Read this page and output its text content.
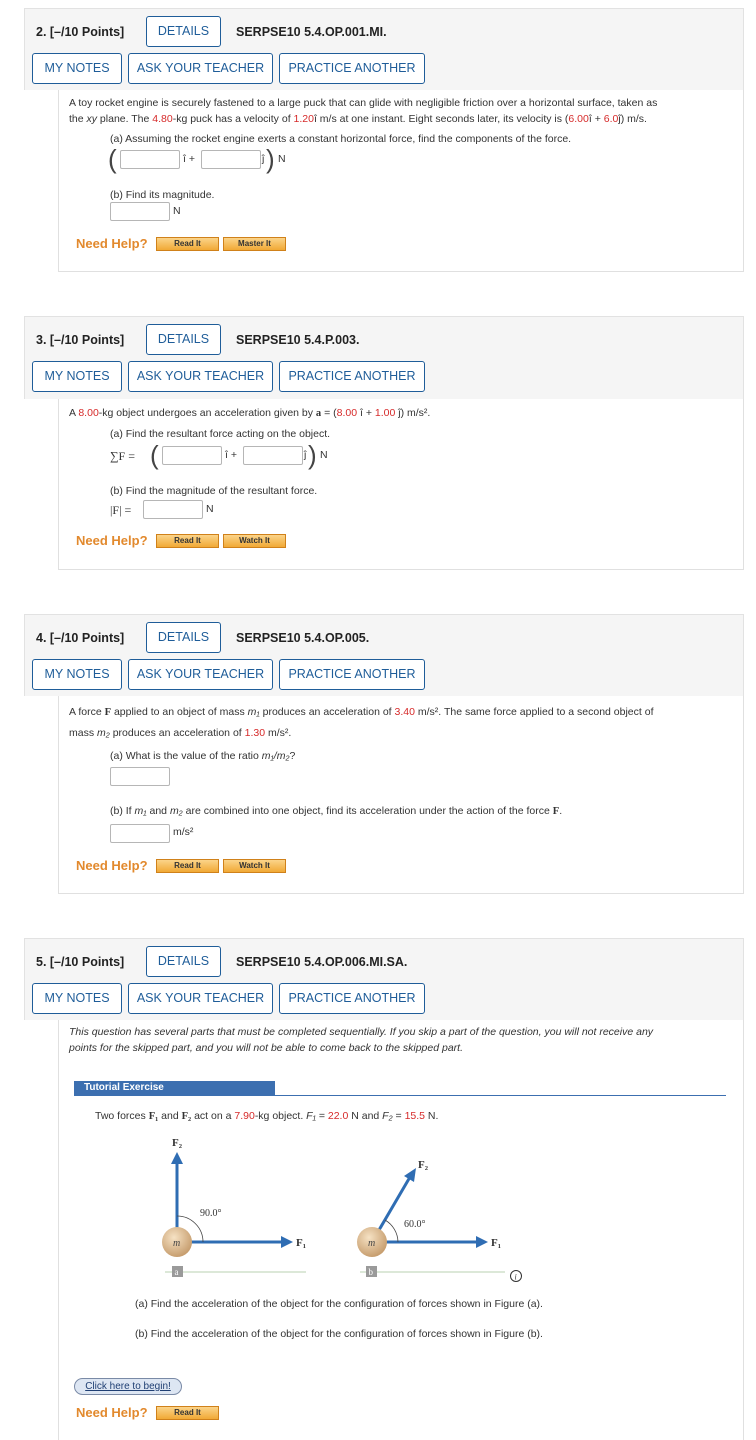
2. [–/10 Points]	DETAILS	SERPSE10 5.4.OP.001.MI.
MY NOTES	ASK YOUR TEACHER	PRACTICE ANOTHER
A toy rocket engine is securely fastened to a large puck that can glide with negligible friction over a horizontal surface, taken as
the xy plane. The 4.80-kg puck has a velocity of 1.20î m/s at one instant. Eight seconds later, its velocity is (6.00î + 6.0ĵ) m/s.
(a) Assuming the rocket engine exerts a constant horizontal force, find the components of the force.
(	î +	ĵ ) N
(b) Find its magnitude.
N
Need Help?	Read It	Master It
3. [–/10 Points]	DETAILS	SERPSE10 5.4.P.003.
MY NOTES	ASK YOUR TEACHER	PRACTICE ANOTHER
A 8.00-kg object undergoes an acceleration given by a = (8.00 î + 1.00 ĵ) m/s².
(a) Find the resultant force acting on the object.
∑F = (	î +	ĵ ) N
(b) Find the magnitude of the resultant force.
|F| =	N
Need Help?	Read It	Watch It
4. [–/10 Points]	DETAILS	SERPSE10 5.4.OP.005.
MY NOTES	ASK YOUR TEACHER	PRACTICE ANOTHER
A force F applied to an object of mass m₁ produces an acceleration of 3.40 m/s². The same force applied to a second object of
mass m₂ produces an acceleration of 1.30 m/s².
(a) What is the value of the ratio m₁/m₂?
(b) If m₁ and m₂ are combined into one object, find its acceleration under the action of the force F.
m/s²
Need Help?	Read It	Watch It
5. [–/10 Points]	DETAILS	SERPSE10 5.4.OP.006.MI.SA.
MY NOTES	ASK YOUR TEACHER	PRACTICE ANOTHER
This question has several parts that must be completed sequentially. If you skip a part of the question, you will not receive any
points for the skipped part, and you will not be able to come back to the skipped part.
Tutorial Exercise
Two forces F₁ and F₂ act on a 7.90-kg object. F₁ = 22.0 N and F₂ = 15.5 N.
m
90.0°
F₂
F₁
a
m
60.0°
F₂
F₁
b	i
(a) Find the acceleration of the object for the configuration of forces shown in Figure (a).
(b) Find the acceleration of the object for the configuration of forces shown in Figure (b).
Click here to begin!
Need Help?	Read It
